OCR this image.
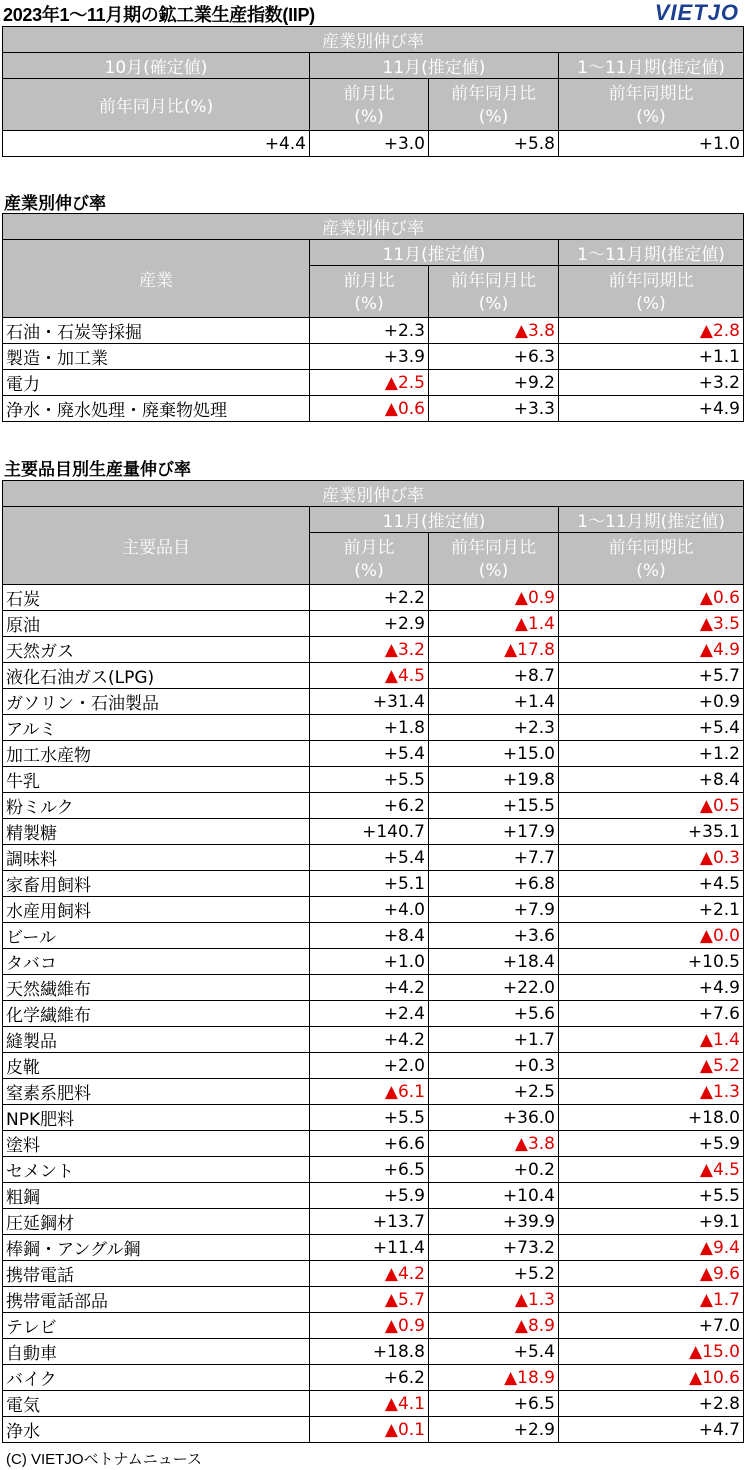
2023年1～11月期の鉱工業生産指数(IIP)	VIETJO
産業別伸び率			
10月(確定値)	11月(推定値)		1～11月期(推定値)
前年同月比(%)	前月比	前年同月比	前年同期比
	(%)	(%)	(%)
+4.4	+3.0	+5.8	+1.0
産業別伸び率
産業別伸び率			
産業	11月(推定値)		1～11月期(推定値)
	前月比	前年同月比	前年同期比
	(%)	(%)	(%)
石油・石炭等採掘	+2.3	▲3.8	▲2.8
製造・加工業	+3.9	+6.3	+1.1
電力	▲2.5	+9.2	+3.2
浄水・廃水処理・廃棄物処理	▲0.6	+3.3	+4.9
主要品目別生産量伸び率
産業別伸び率			
主要品目	11月(推定値)		1～11月期(推定値)
	前月比	前年同月比	前年同期比
	(%)	(%)	(%)
石炭	+2.2	▲0.9	▲0.6
原油	+2.9	▲1.4	▲3.5
天然ガス	▲3.2	▲17.8	▲4.9
液化石油ガス(LPG)	▲4.5	+8.7	+5.7
ガソリン・石油製品	+31.4	+1.4	+0.9
アルミ	+1.8	+2.3	+5.4
加工水産物	+5.4	+15.0	+1.2
牛乳	+5.5	+19.8	+8.4
粉ミルク	+6.2	+15.5	▲0.5
精製糖	+140.7	+17.9	+35.1
調味料	+5.4	+7.7	▲0.3
家畜用飼料	+5.1	+6.8	+4.5
水産用飼料	+4.0	+7.9	+2.1
ビール	+8.4	+3.6	▲0.0
タバコ	+1.0	+18.4	+10.5
天然繊維布	+4.2	+22.0	+4.9
化学繊維布	+2.4	+5.6	+7.6
縫製品	+4.2	+1.7	▲1.4
皮靴	+2.0	+0.3	▲5.2
窒素系肥料	▲6.1	+2.5	▲1.3
NPK肥料	+5.5	+36.0	+18.0
塗料	+6.6	▲3.8	+5.9
セメント	+6.5	+0.2	▲4.5
粗鋼	+5.9	+10.4	+5.5
圧延鋼材	+13.7	+39.9	+9.1
棒鋼・アングル鋼	+11.4	+73.2	▲9.4
携帯電話	▲4.2	+5.2	▲9.6
携帯電話部品	▲5.7	▲1.3	▲1.7
テレビ	▲0.9	▲8.9	+7.0
自動車	+18.8	+5.4	▲15.0
バイク	+6.2	▲18.9	▲10.6
電気	▲4.1	+6.5	+2.8
浄水	▲0.1	+2.9	+4.7
(C) VIETJOベトナムニュース
